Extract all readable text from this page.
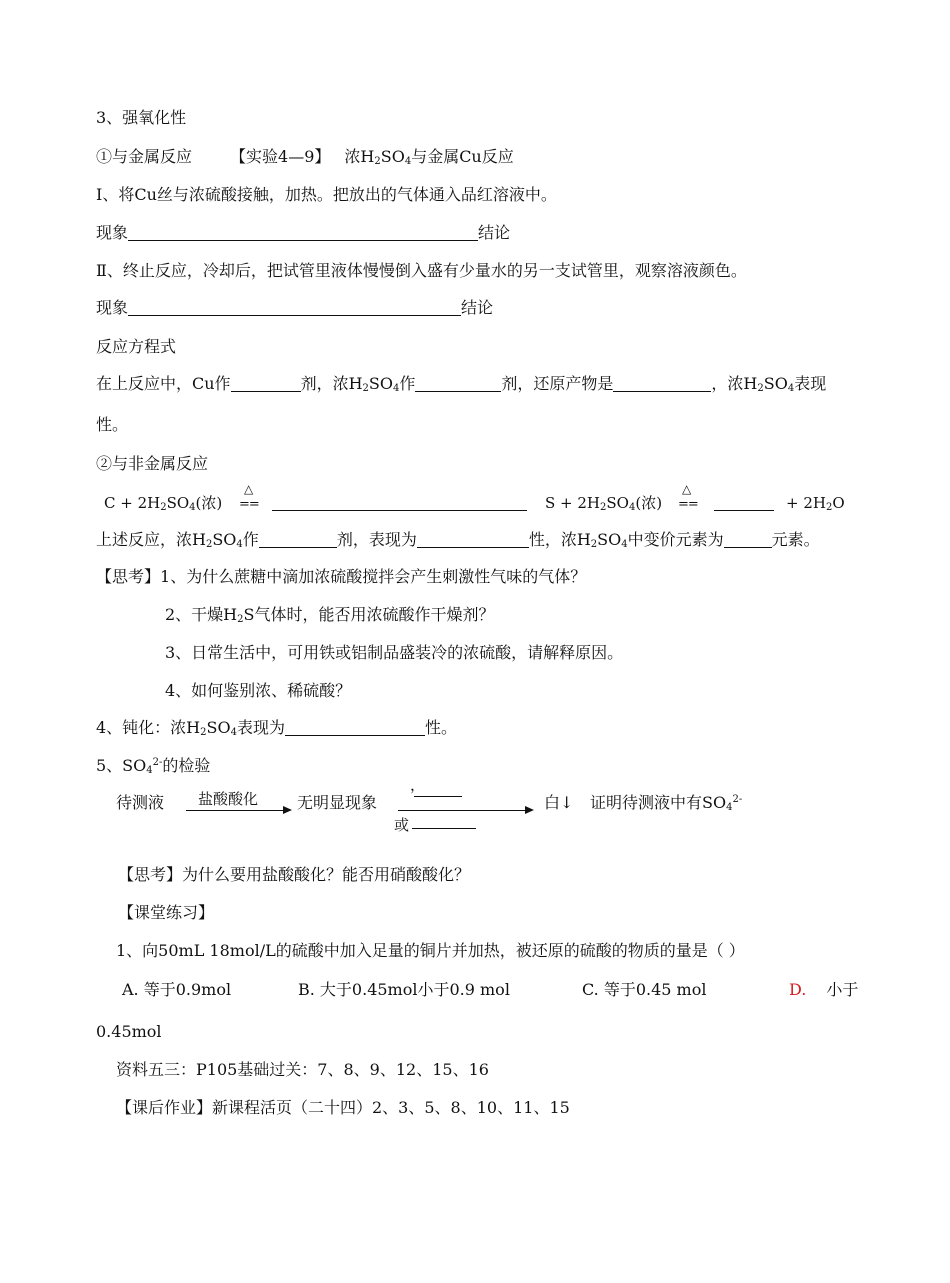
3、强氧化性
①与金属反应 【实验4—9】 浓$H_2SO_4$与金属Cu反应
Ⅰ、将Cu丝与浓硫酸接触，加热。把放出的气体通入品红溶液中。
现象	结论
Ⅱ、终止反应，冷却后，把试管里液体慢慢倒入盛有少量水的另一支试管里，观察溶液颜色。
现象	结论
反应方程式
在上反应中，Cu作	剂，浓$H_2SO_4$作	剂，还原产物是	，浓$H_2SO_4$表现
性。
②与非金属反应
$C + 2H_2SO_4$(浓)
△
==	$S + 2H_2SO_4$(浓)
△
==	+ $2H_2O$
上述反应，浓$H_2SO_4$作	剂，表现为	性，浓$H_2SO_4$中变价元素为	元素。
【思考】1、为什么蔗糖中滴加浓硫酸搅拌会产生刺激性气味的气体？
2、干燥$H_2S$气体时，能否用浓硫酸作干燥剂？
3、日常生活中，可用铁或铝制品盛装冷的浓硫酸，请解释原因。
4、如何鉴别浓、稀硫酸？
4、钝化：浓$H_2SO_4$表现为	性。
5、$SO_4^{2-}$的检验
待测液 盐酸酸化 无明显现象
，
或
白↓ 证明待测液中有$SO_4^{2-}$
【思考】为什么要用盐酸酸化？能否用硝酸酸化？
【课堂练习】
1、向50mL 18mol/L的硫酸中加入足量的铜片并加热，被还原的硫酸的物质的量是（ ）
A. 等于0.9mol	B. 大于0.45mol小于0.9 mol	C. 等于0.45 mol	D. 小于
0.45mol
资料五三：P105基础过关：7、8、9、12、15、16
【课后作业】新课程活页（二十四）2、3、5、8、10、11、15
